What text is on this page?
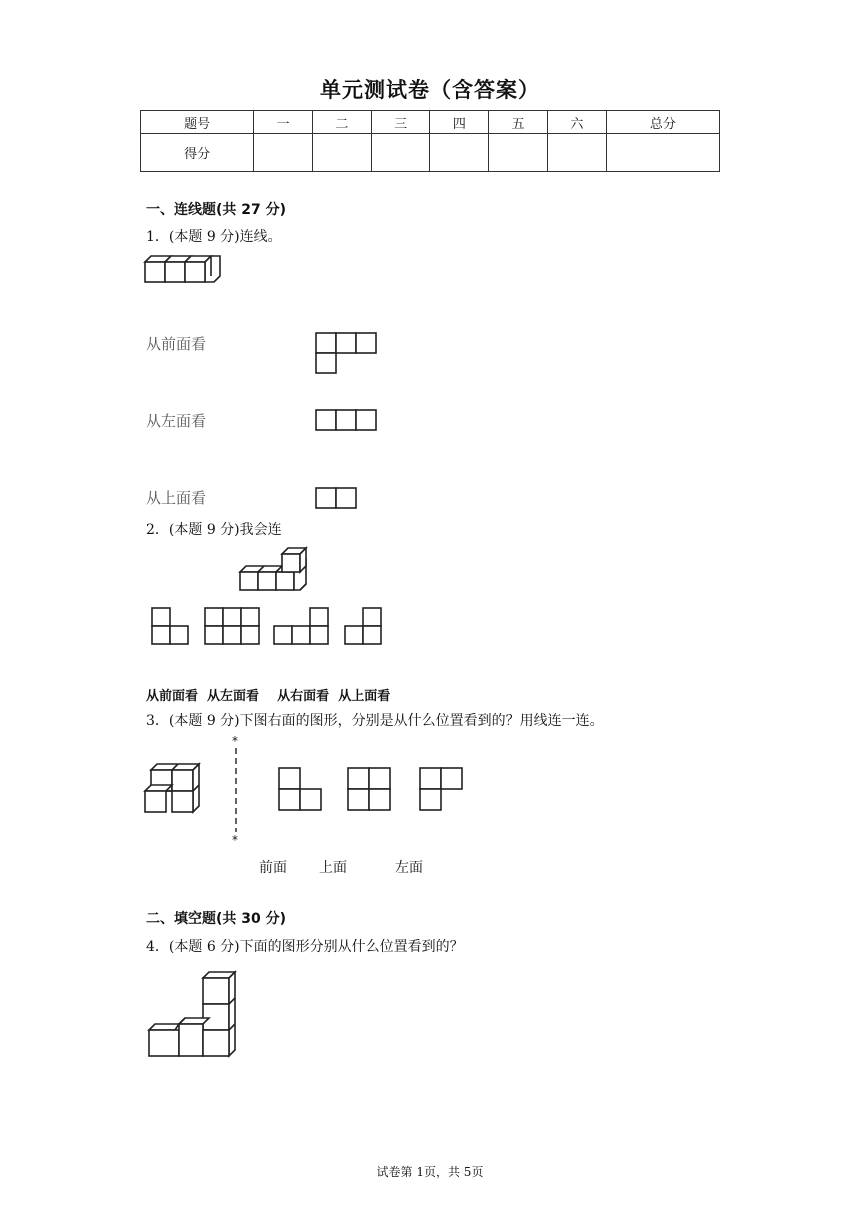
单元测试卷（含答案）
题号	一	二	三	四	五	六	总分
得分							
一、连线题(共 27 分)
1．(本题 9 分)连线。
从前面看
从左面看
从上面看
2．(本题 9 分)我会连
从前面看  从左面看    从右面看  从上面看
3．(本题 9 分)下图右面的图形，分别是从什么位置看到的？用线连一连。
*
*
前面 上面	左面
二、填空题(共 30 分)
4．(本题 6 分)下面的图形分别从什么位置看到的？
试卷第 1页，共 5页
